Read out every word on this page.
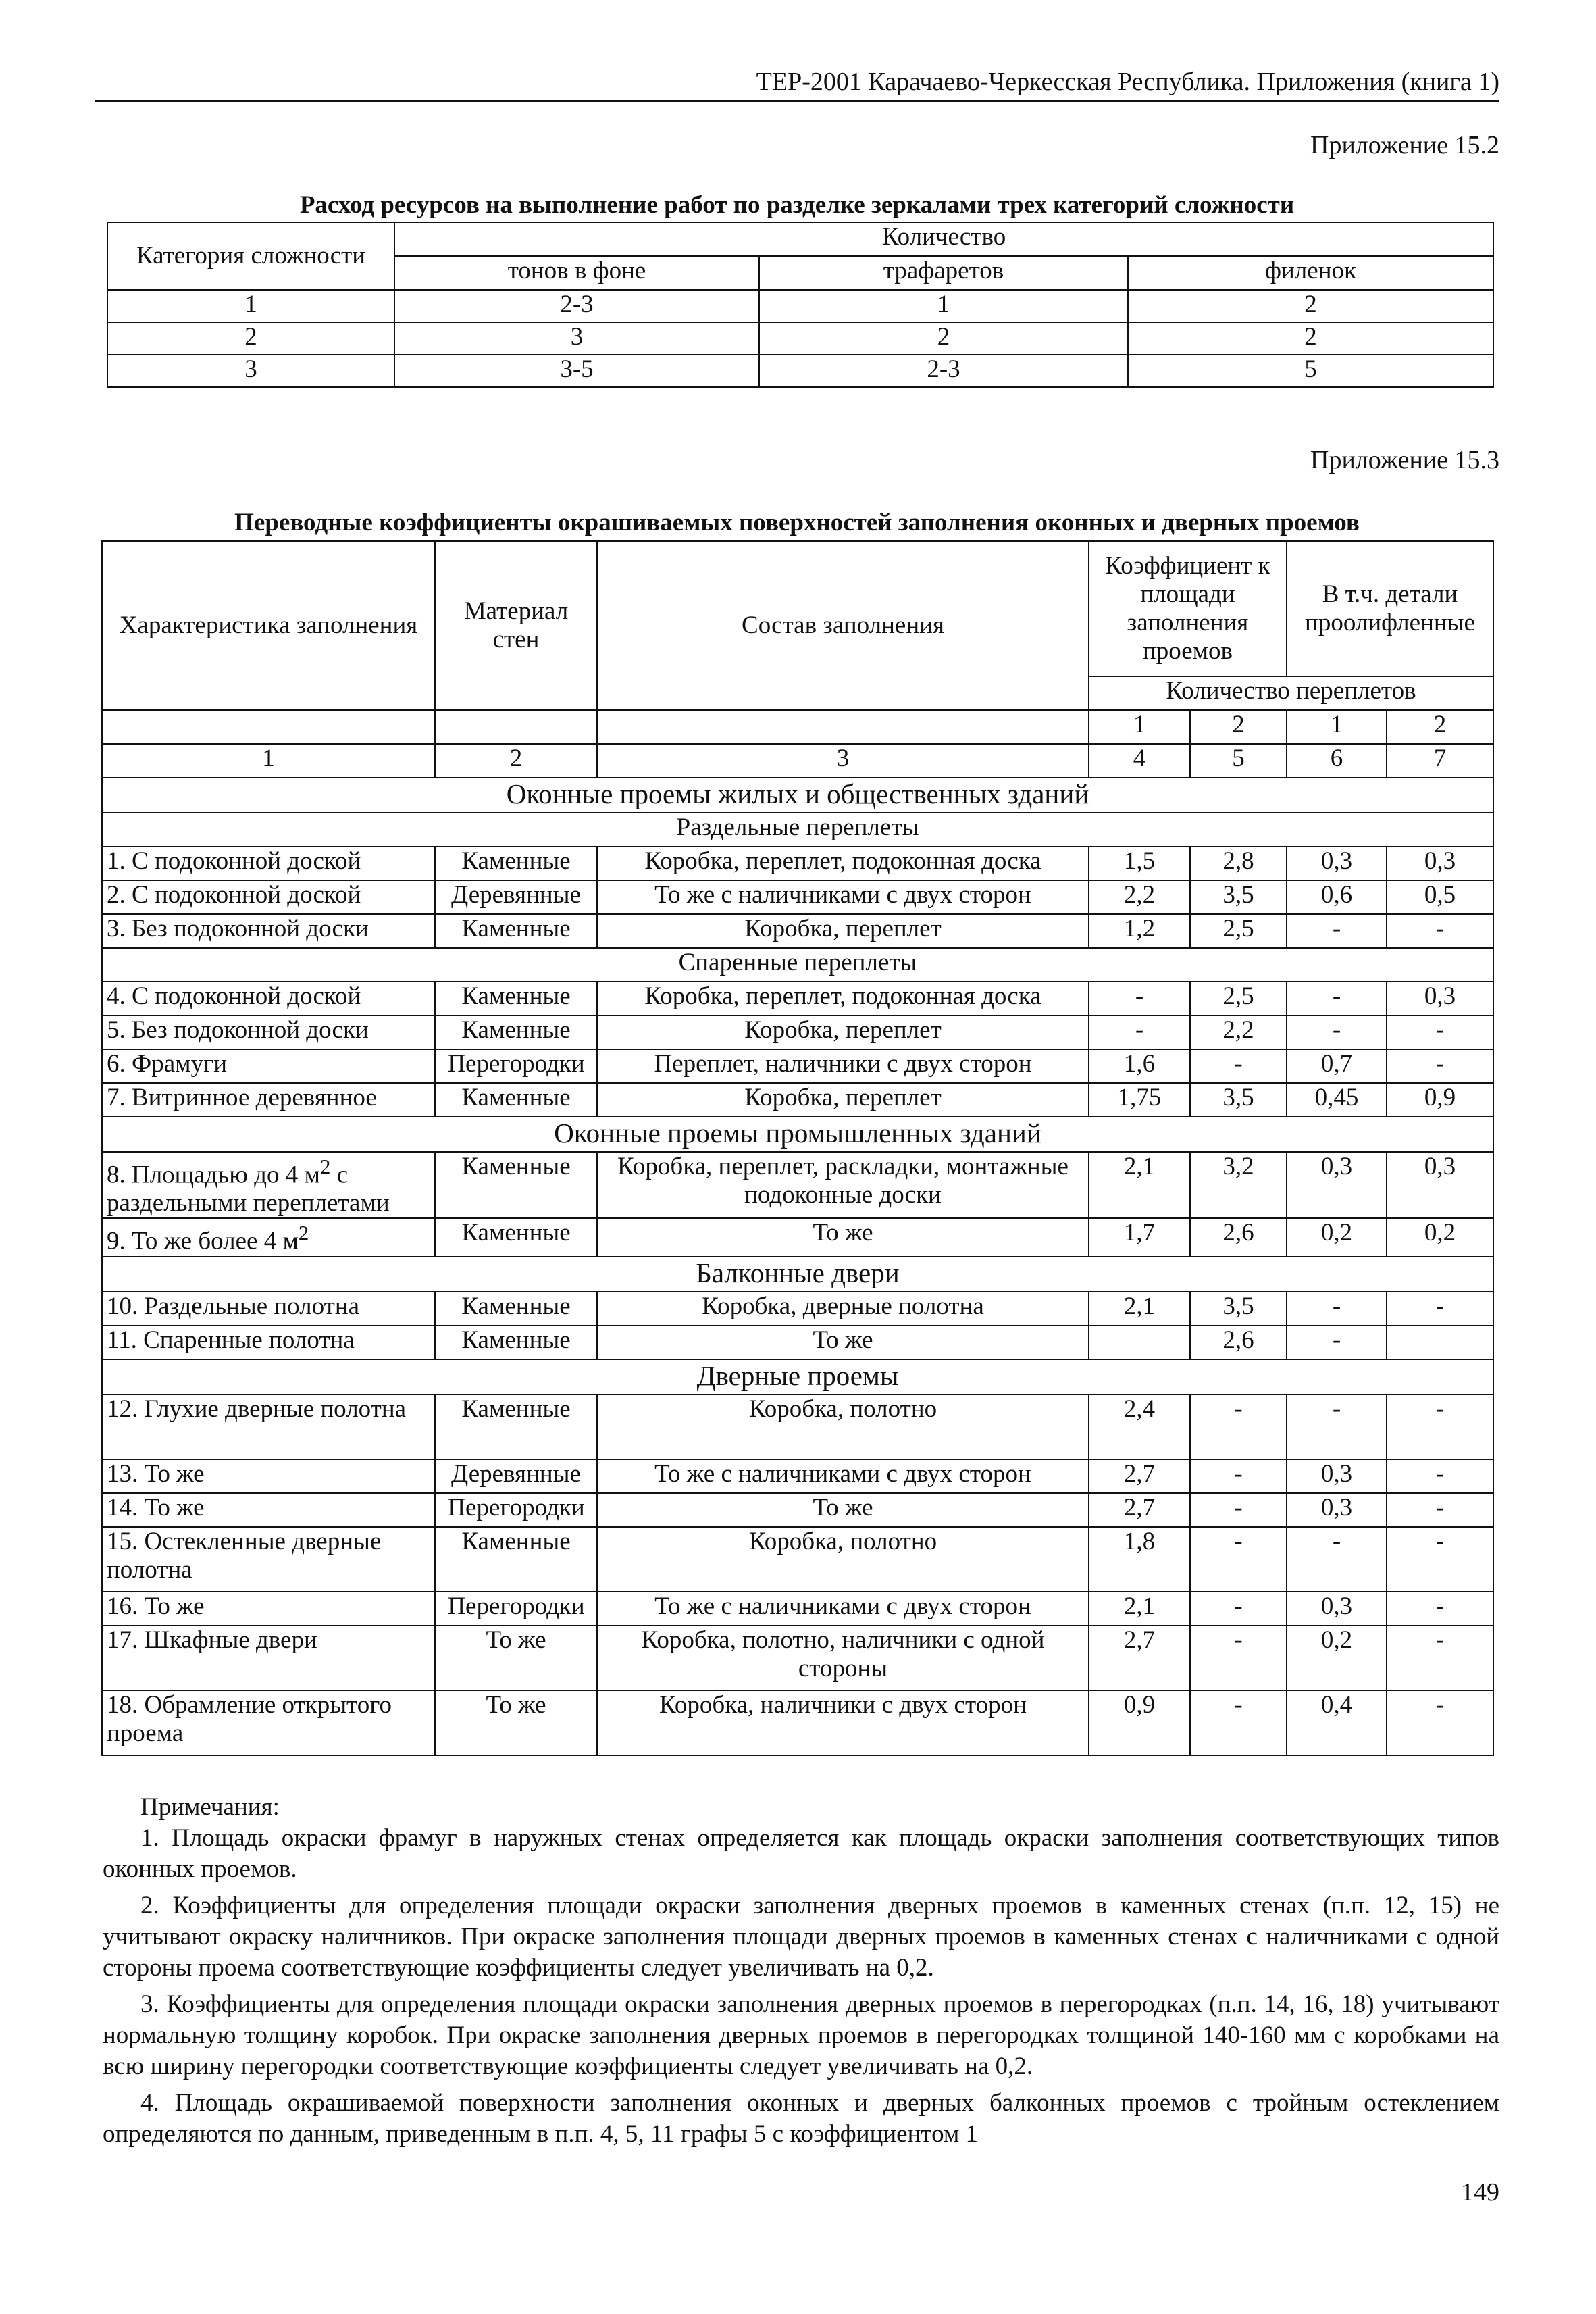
ТЕР-2001 Карачаево-Черкесская Республика. Приложения (книга 1)
Приложение 15.2
Расход ресурсов на выполнение работ по разделке зеркалами трех категорий сложности
Категория сложности	Количество		
	тонов в фоне	трафаретов	филенок
1	2-3	1	2
2	3	2	2
3	3-5	2-3	5
Приложение 15.3
Переводные коэффициенты окрашиваемых поверхностей заполнения оконных и дверных проемов
Характеристика заполнения	Материал стен	Состав заполнения	Коэффициент к площади заполнения проемов		В т.ч. детали проолифленные	
			Количество переплетов			
			1	2	1	2
1	2	3	4	5	6	7
Оконные проемы жилых и общественных зданий						
Раздельные переплеты						
1. С подоконной доской	Каменные	Коробка, переплет, подоконная доска	1,5	2,8	0,3	0,3
2. С подоконной доской	Деревянные	То же с наличниками с двух сторон	2,2	3,5	0,6	0,5
3. Без подоконной доски	Каменные	Коробка, переплет	1,2	2,5	-	-
Спаренные переплеты						
4. С подоконной доской	Каменные	Коробка, переплет, подоконная доска	-	2,5	-	0,3
5. Без подоконной доски	Каменные	Коробка, переплет	-	2,2	-	-
6. Фрамуги	Перегородки	Переплет, наличники с двух сторон	1,6	-	0,7	-
7. Витринное деревянное	Каменные	Коробка, переплет	1,75	3,5	0,45	0,9
Оконные проемы промышленных зданий						
8. Площадью до 4 $м^2$ с раздельными переплетами	Каменные	Коробка, переплет, раскладки, монтажные подоконные доски	2,1	3,2	0,3	0,3
9. То же более 4 $м^2$	Каменные	То же	1,7	2,6	0,2	0,2
Балконные двери						
10. Раздельные полотна	Каменные	Коробка, дверные полотна	2,1	3,5	-	-
11. Спаренные полотна	Каменные	То же		2,6	-	
Дверные проемы						
12. Глухие дверные полотна	Каменные	Коробка, полотно	2,4	-	-	-
13. То же	Деревянные	То же с наличниками с двух сторон	2,7	-	0,3	-
14. То же	Перегородки	То же	2,7	-	0,3	-
15. Остекленные дверные полотна	Каменные	Коробка, полотно	1,8	-	-	-
16. То же	Перегородки	То же с наличниками с двух сторон	2,1	-	0,3	-
17. Шкафные двери	То же	Коробка, полотно, наличники с одной стороны	2,7	-	0,2	-
18. Обрамление открытого проема	То же	Коробка, наличники с двух сторон	0,9	-	0,4	-

Примечания:

1. Площадь окраски фрамуг в наружных стенах определяется как площадь окраски заполнения соответствующих типов оконных проемов.

2. Коэффициенты для определения площади окраски заполнения дверных проемов в каменных стенах (п.п. 12, 15) не учитывают окраску наличников. При окраске заполнения площади дверных проемов в каменных стенах с наличниками с одной стороны проема соответствующие коэффициенты следует увеличивать на 0,2.

3. Коэффициенты для определения площади окраски заполнения дверных проемов в перегородках (п.п. 14, 16, 18) учитывают нормальную толщину коробок. При окраске заполнения дверных проемов в перегородках толщиной 140-160 мм с коробками на всю ширину перегородки соответствующие коэффициенты следует увеличивать на 0,2.

4. Площадь окрашиваемой поверхности заполнения оконных и дверных балконных проемов с тройным остеклением определяются по данным, приведенным в п.п. 4, 5, 11 графы 5 с коэффициентом 1

149
